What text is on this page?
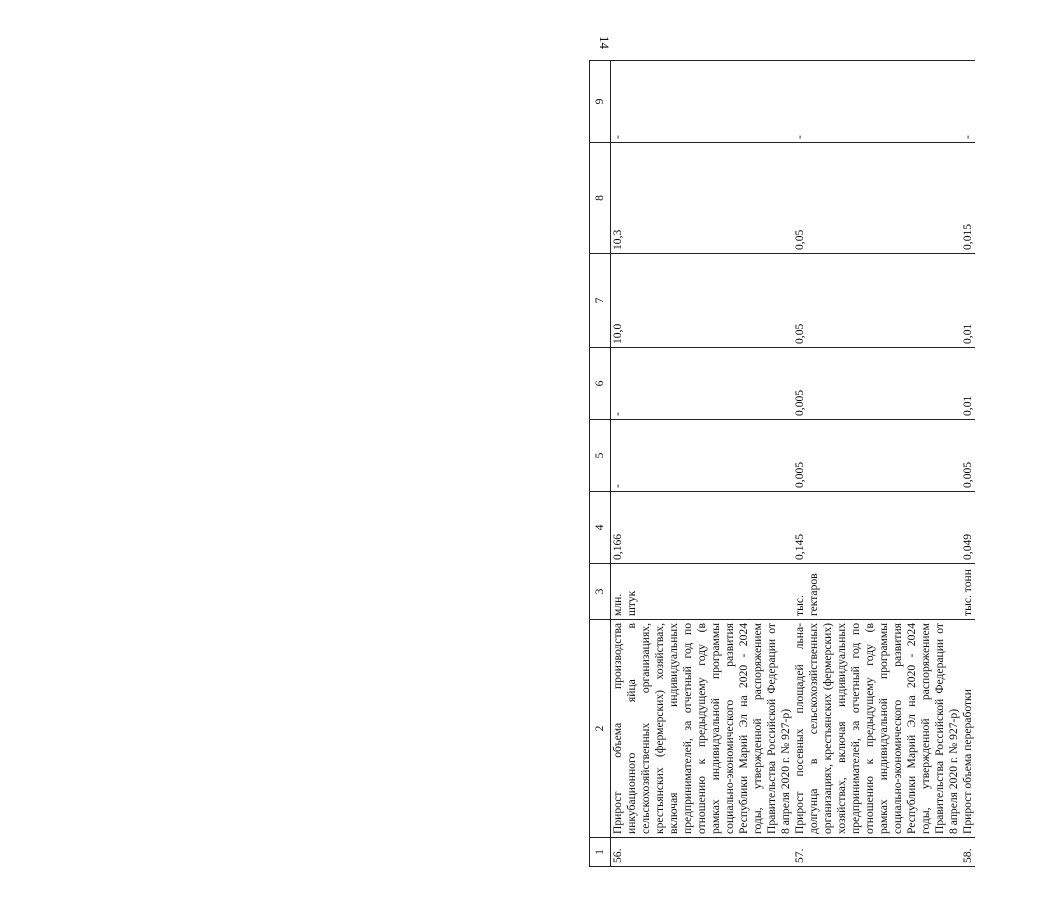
14
1	2	3	4	5	6	7	8	9
56.	Прирост объема производства инкубационного яйца в сельскохозяйственных организациях, крестьянских (фермерских) хозяйствах, включая индивидуальных предпринимателей, за отчетный год по отношению к предыдущему году (в рамках индивидуальной программы социально-экономического развития Республики Марий Эл на 2020 - 2024 годы, утвержденной распоряжением Правительства Российской Федерации от 8 апреля 2020 г. № 927-р)	млн. штук	0,166	-	-	10,0	10,3	-
57.	Прирост посевных площадей льна-долгунца в сельскохозяйственных организациях, крестьянских (фермерских) хозяйствах, включая индивидуальных предпринимателей, за отчетный год по отношению к предыдущему году (в рамках индивидуальной программы социально-экономического развития Республики Марий Эл на 2020 - 2024 годы, утвержденной распоряжением Правительства Российской Федерации от 8 апреля 2020 г. № 927-р)	тыс. гектаров	0,145	0,005	0,005	0,05	0,05	-
58.	Прирост объема переработки	тыс. тонн	0,049	0,005	0,01	0,01	0,015	-
